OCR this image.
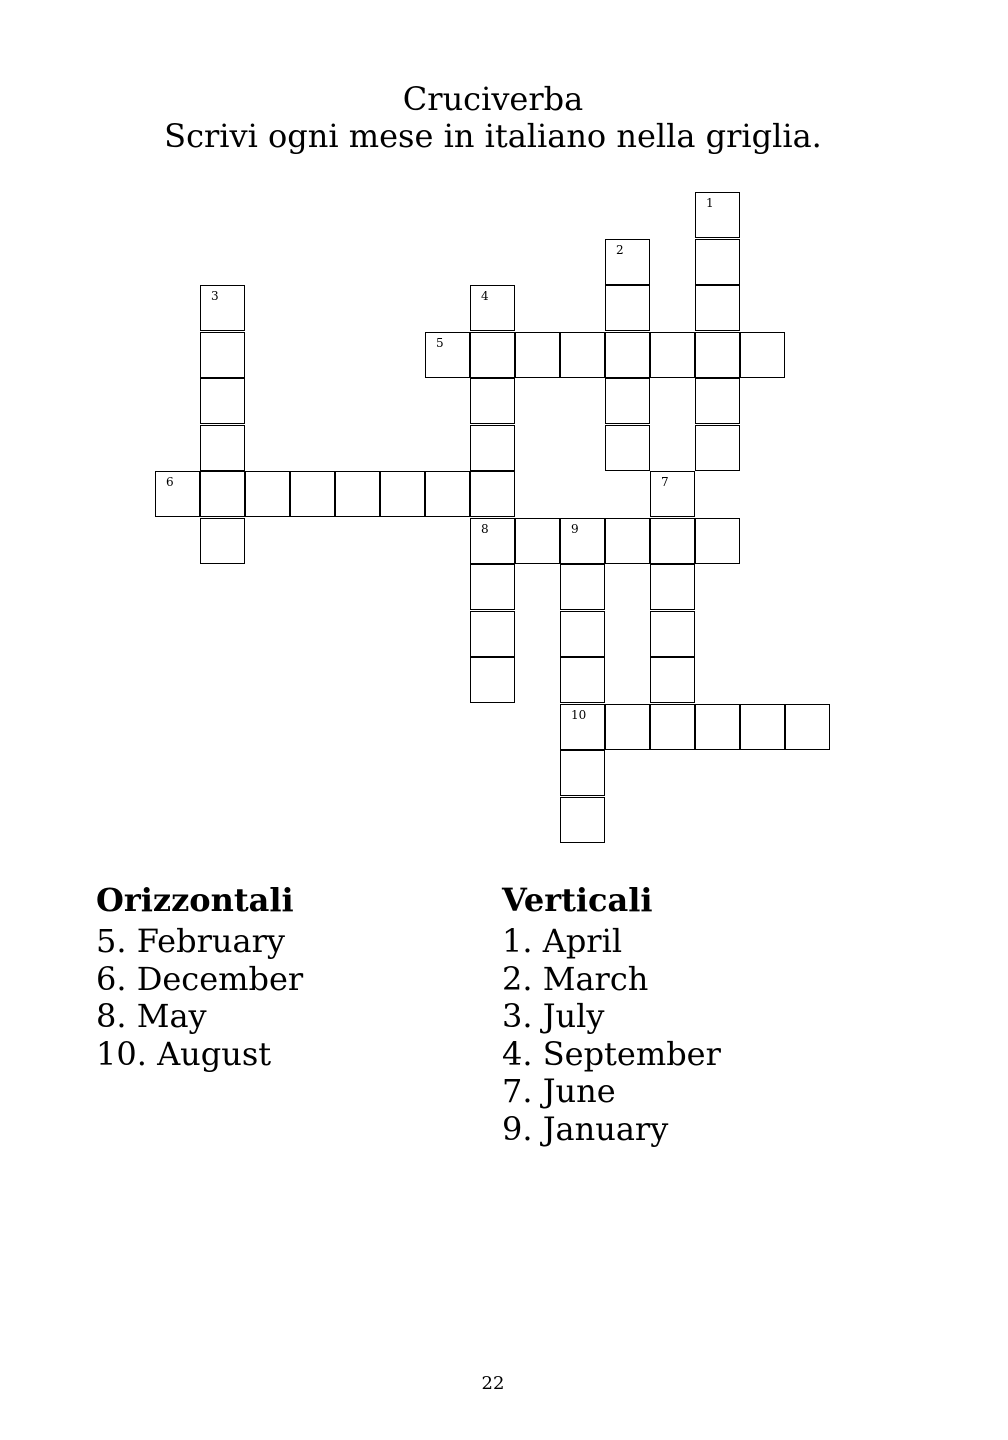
Cruciverba
Scrivi ogni mese in italiano nella griglia.
5
6
8	9
10
1
2
3	4
7
Orizzontali
5. February
6. December
8. May
10. August
Verticali
1. April
2. March
3. July
4. September
7. June
9. January
22
